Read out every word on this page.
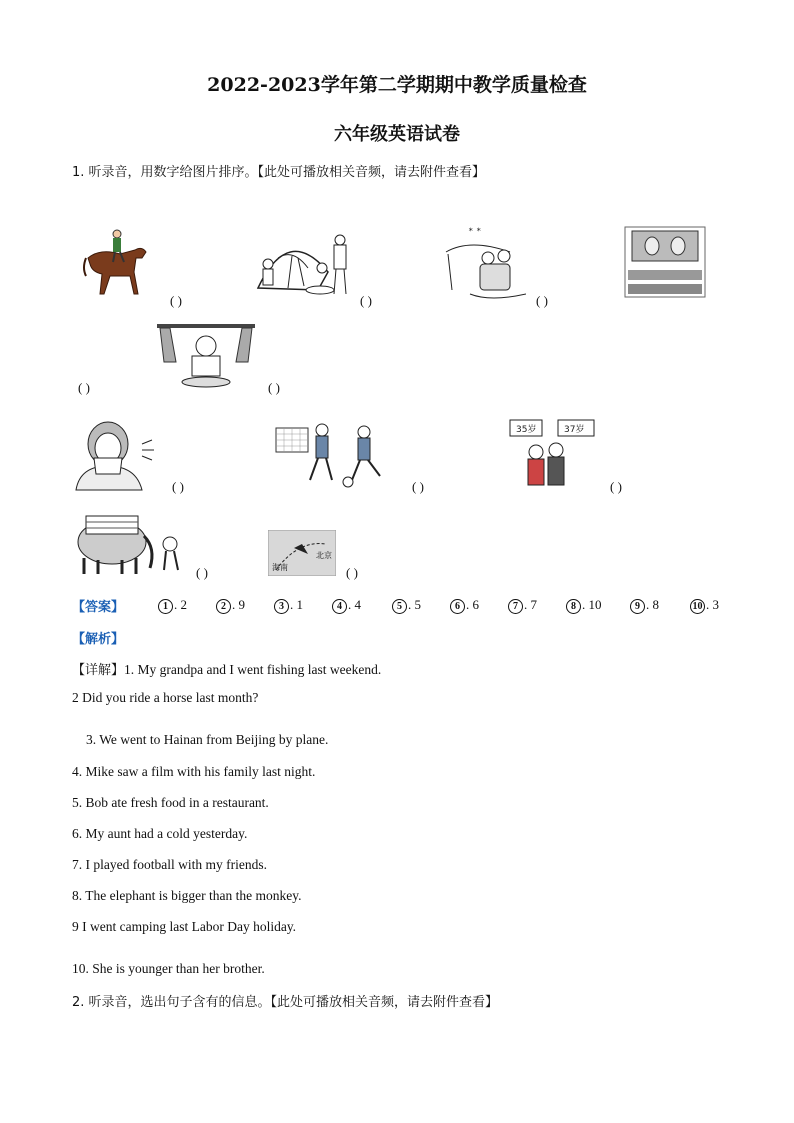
2022-2023学年第二学期期中教学质量检查
六年级英语试卷
1. 听录音，用数字给图片排序。【此处可播放相关音频，请去附件查看】
( )	( )
∗ ∗
( )
( )	( )
( )	( )
35岁	37岁
( )
( )
北京
海南	( )
【答案】	1 . 2	2 . 9	3 . 1	4 . 4	5 . 5	6 . 6	7 . 7	8 . 10	9 . 8	10 . 3
【解析】
【详解】1. My grandpa and I went fishing last weekend.
2 Did you ride a horse last month?
3. We went to Hainan from Beijing by plane.
4. Mike saw a film with his family last night.
5. Bob ate fresh food in a restaurant.
6. My aunt had a cold yesterday.
7. I played football with my friends.
8. The elephant is bigger than the monkey.
9 I went camping last Labor Day holiday.
10. She is younger than her brother.
2. 听录音，选出句子含有的信息。【此处可播放相关音频，请去附件查看】
